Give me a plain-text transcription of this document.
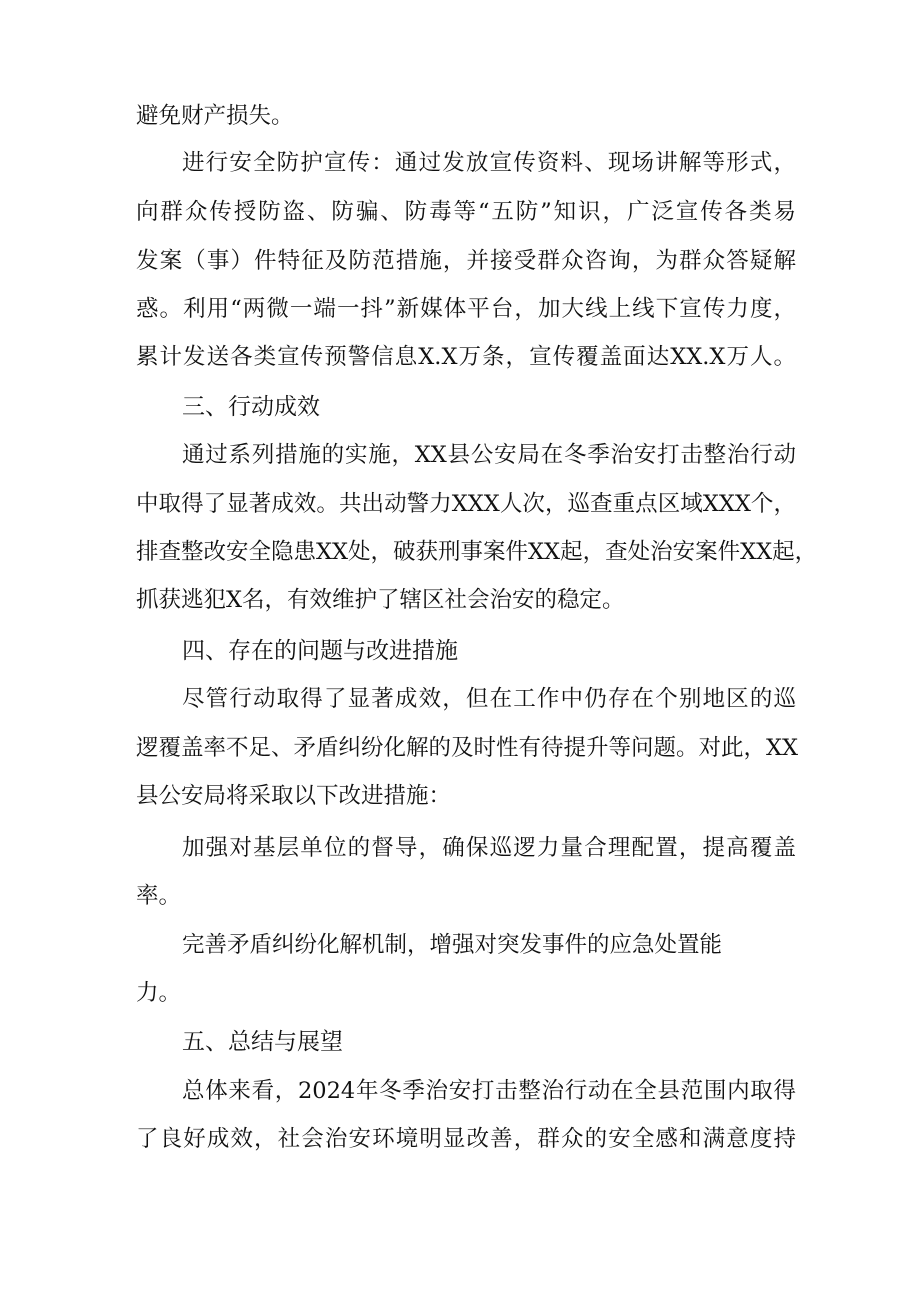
避免财产损失。
进行安全防护宣传：通过发放宣传资料、现场讲解等形式，
向群众传授防盗、防骗、防毒等“五防”知识，广泛宣传各类易
发案（事）件特征及防范措施，并接受群众咨询，为群众答疑解
惑。利用“两微一端一抖”新媒体平台，加大线上线下宣传力度，
累计发送各类宣传预警信息X.X万条，宣传覆盖面达XX.X万人。
三、行动成效
通过系列措施的实施，XX县公安局在冬季治安打击整治行动
中取得了显著成效。共出动警力XXX人次，巡查重点区域XXX个，
排查整改安全隐患XX处，破获刑事案件XX起，查处治安案件XX起，
抓获逃犯X名，有效维护了辖区社会治安的稳定。
四、存在的问题与改进措施
尽管行动取得了显著成效，但在工作中仍存在个别地区的巡
逻覆盖率不足、矛盾纠纷化解的及时性有待提升等问题。对此，XX
县公安局将采取以下改进措施：
加强对基层单位的督导，确保巡逻力量合理配置，提高覆盖
率。
完善矛盾纠纷化解机制，增强对突发事件的应急处置能
力。
五、总结与展望
总体来看，2024年冬季治安打击整治行动在全县范围内取得
了良好成效，社会治安环境明显改善，群众的安全感和满意度持
